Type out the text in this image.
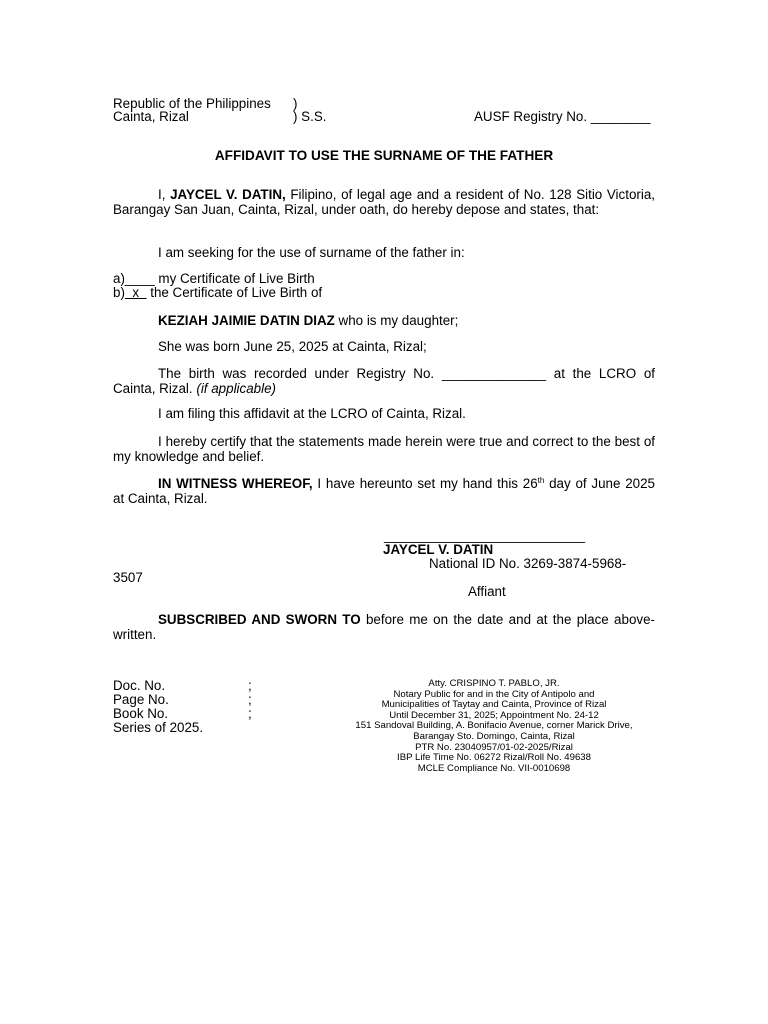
Republic of the Philippines )
Cainta, Rizal	) S.S.	AUSF Registry No. ________
AFFIDAVIT TO USE THE SURNAME OF THE FATHER
I, JAYCEL V. DATIN, Filipino, of legal age and a resident of No. 128 Sitio Victoria, Barangay San Juan, Cainta, Rizal, under oath, do hereby depose and states, that:
I am seeking for the use of surname of the father in:
a)____ my Certificate of Live Birth
b)  x   the Certificate of Live Birth of
KEZIAH JAIMIE DATIN DIAZ who is my daughter;
She was born June 25, 2025 at Cainta, Rizal;
The birth was recorded under Registry No. ______________ at the LCRO of Cainta, Rizal. (if applicable)
I am filing this affidavit at the LCRO of Cainta, Rizal.
I hereby certify that the statements made herein were true and correct to the best of my knowledge and belief.
IN WITNESS WHEREOF, I have hereunto set my hand this 26th day of June 2025 at Cainta, Rizal.
___________________________
JAYCEL V. DATIN
National ID No. 3269-3874-5968-
3507
Affiant
SUBSCRIBED AND SWORN TO before me on the date and at the place above-written.
Doc. No.	;
Page No.	;
Book No.	;
Series of 2025.
Atty. CRISPINO T. PABLO, JR.
Notary Public for and in the City of Antipolo and
Municipalities of Taytay and Cainta, Province of Rizal
Until December 31, 2025; Appointment No. 24-12
151 Sandoval Building, A. Bonifacio Avenue, corner Marick Drive,
Barangay Sto. Domingo, Cainta, Rizal
PTR No. 23040957/01-02-2025/Rizal
IBP Life Time No. 06272 Rizal/Roll No. 49638
MCLE Compliance No. VII-0010698
